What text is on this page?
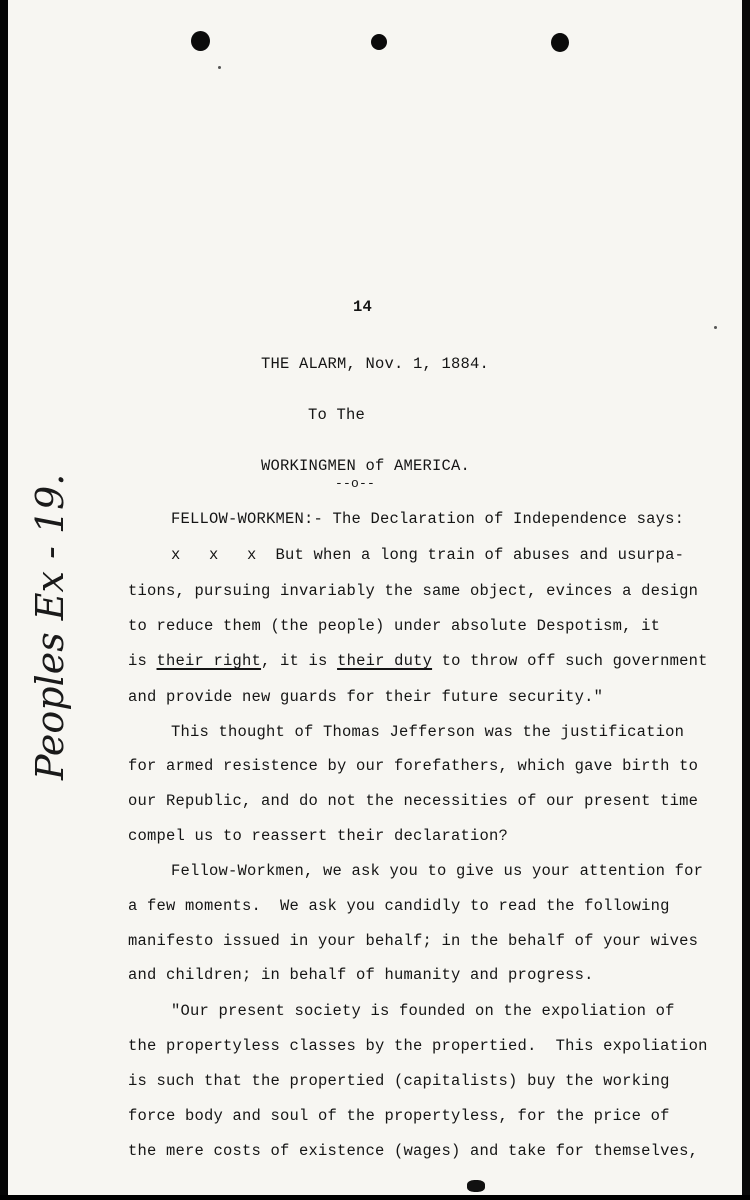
14
THE ALARM, Nov. 1, 1884.
To The
WORKINGMEN of AMERICA.
--o--
FELLOW-WORKMEN:- The Declaration of Independence says:
x   x   x  But when a long train of abuses and usurpa-
tions, pursuing invariably the same object, evinces a design
to reduce them (the people) under absolute Despotism, it
is their right, it is their duty to throw off such government
and provide new guards for their future security."
This thought of Thomas Jefferson was the justification
for armed resistence by our forefathers, which gave birth to
our Republic, and do not the necessities of our present time
compel us to reassert their declaration?
Fellow-Workmen, we ask you to give us your attention for
a few moments.  We ask you candidly to read the following
manifesto issued in your behalf; in the behalf of your wives
and children; in behalf of humanity and progress.
"Our present society is founded on the expoliation of
the propertyless classes by the propertied.  This expoliation
is such that the propertied (capitalists) buy the working
force body and soul of the propertyless, for the price of
the mere costs of existence (wages) and take for themselves,
Peoples Ex - 19.
